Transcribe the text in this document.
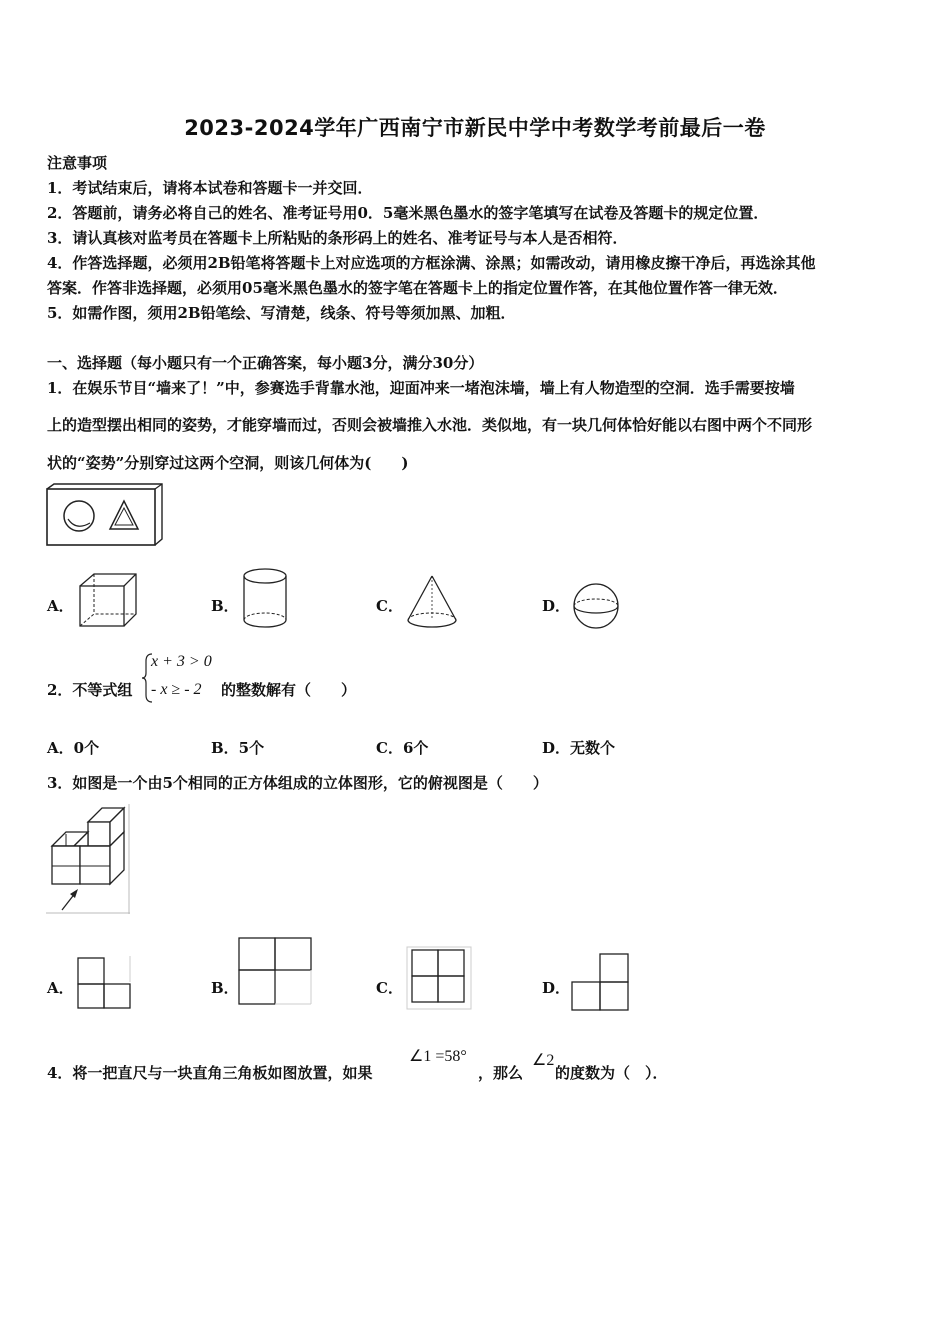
2023-2024学年广西南宁市新民中学中考数学考前最后一卷
注意事项
1．考试结束后，请将本试卷和答题卡一并交回．
2．答题前，请务必将自己的姓名、准考证号用0．5毫米黑色墨水的签字笔填写在试卷及答题卡的规定位置．
3．请认真核对监考员在答题卡上所粘贴的条形码上的姓名、准考证号与本人是否相符．
4．作答选择题，必须用2B铅笔将答题卡上对应选项的方框涂满、涂黑；如需改动，请用橡皮擦干净后，再选涂其他
答案．作答非选择题，必须用05毫米黑色墨水的签字笔在答题卡上的指定位置作答，在其他位置作答一律无效．
5．如需作图，须用2B铅笔绘、写清楚，线条、符号等须加黑、加粗．
一、选择题（每小题只有一个正确答案，每小题3分，满分30分）
1．在娱乐节目“墙来了！”中，参赛选手背靠水池，迎面冲来一堵泡沫墙，墙上有人物造型的空洞．选手需要按墙
上的造型摆出相同的姿势，才能穿墙而过，否则会被墙推入水池．类似地，有一块几何体恰好能以右图中两个不同形
状的“姿势”分别穿过这两个空洞，则该几何体为(　　)
A．	B．	C．	D．
2．不等式组
x + 3 > 0
- x ≥ - 2 的整数解有（　　）
A．0个	B．5个	C．6个	D．无数个
3．如图是一个由5个相同的正方体组成的立体图形，它的俯视图是（　　）
A．	B．	C．	D．
4．将一把直尺与一块直角三角板如图放置，如果
∠1 =58°
，那么
∠2
的度数为（　）．
